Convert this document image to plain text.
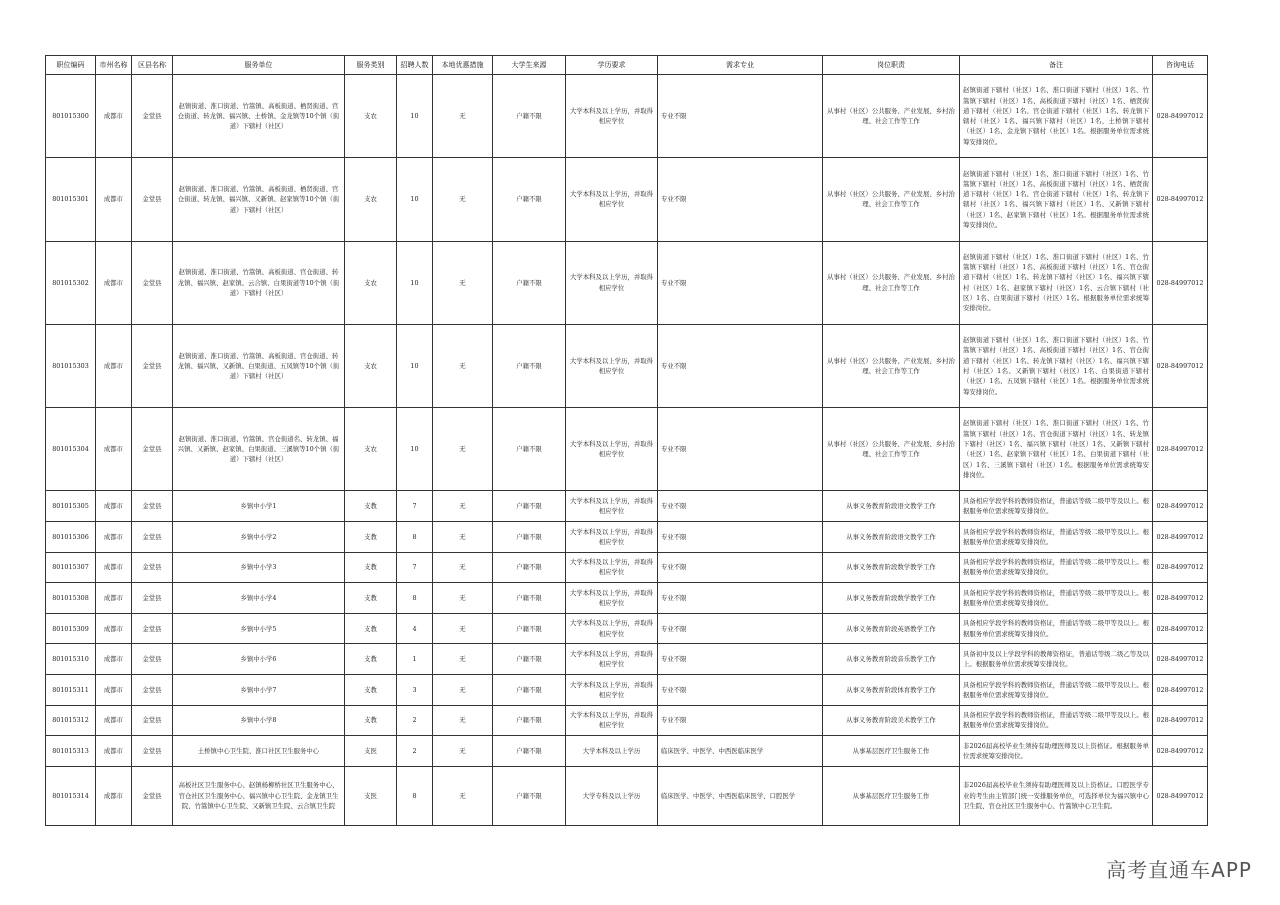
职位编码	市州名称	区县名称	服务单位	服务类别	招聘人数	本地优惠措施	大学生来源	学历要求	需求专业	岗位职责	备注	咨询电话
801015300	成都市	金堂县	赵镇街道、淮口街道、竹篙镇、高板街道、栖贤街道、官仓街道、转龙镇、福兴镇、土桥镇、金龙镇等10个镇（街道）下辖村（社区）	支农	10	无	户籍不限	大学本科及以上学历，并取得相应学位	专业不限	从事村（社区）公共服务、产业发展、乡村治理、社会工作等工作	赵镇街道下辖村（社区）1名、淮口街道下辖村（社区）1名、竹篙镇下辖村（社区）1名、高板街道下辖村（社区）1名、栖贤街道下辖村（社区）1名、官仓街道下辖村（社区）1名、转龙镇下辖村（社区）1名、福兴镇下辖村（社区）1名、土桥镇下辖村（社区）1名、金龙镇下辖村（社区）1名。根据服务单位需求统筹安排岗位。	028-84997012
801015301	成都市	金堂县	赵镇街道、淮口街道、竹篙镇、高板街道、栖贤街道、官仓街道、转龙镇、福兴镇、又新镇、赵家镇等10个镇（街道）下辖村（社区）	支农	10	无	户籍不限	大学本科及以上学历，并取得相应学位	专业不限	从事村（社区）公共服务、产业发展、乡村治理、社会工作等工作	赵镇街道下辖村（社区）1名、淮口街道下辖村（社区）1名、竹篙镇下辖村（社区）1名、高板街道下辖村（社区）1名、栖贤街道下辖村（社区）1名、官仓街道下辖村（社区）1名、转龙镇下辖村（社区）1名、福兴镇下辖村（社区）1名、又新镇下辖村（社区）1名、赵家镇下辖村（社区）1名。根据服务单位需求统筹安排岗位。	028-84997012
801015302	成都市	金堂县	赵镇街道、淮口街道、竹篙镇、高板街道、官仓街道、转龙镇、福兴镇、赵家镇、云合镇、白果街道等10个镇（街道）下辖村（社区）	支农	10	无	户籍不限	大学本科及以上学历，并取得相应学位	专业不限	从事村（社区）公共服务、产业发展、乡村治理、社会工作等工作	赵镇街道下辖村（社区）1名、淮口街道下辖村（社区）1名、竹篙镇下辖村（社区）1名、高板街道下辖村（社区）1名、官仓街道下辖村（社区）1名、转龙镇下辖村（社区）1名、福兴镇下辖村（社区）1名、赵家镇下辖村（社区）1名、云合镇下辖村（社区）1名、白果街道下辖村（社区）1名。根据服务单位需求统筹安排岗位。	028-84997012
801015303	成都市	金堂县	赵镇街道、淮口街道、竹篙镇、高板街道、官仓街道、转龙镇、福兴镇、又新镇、白果街道、五凤镇等10个镇（街道）下辖村（社区）	支农	10	无	户籍不限	大学本科及以上学历，并取得相应学位	专业不限	从事村（社区）公共服务、产业发展、乡村治理、社会工作等工作	赵镇街道下辖村（社区）1名、淮口街道下辖村（社区）1名、竹篙镇下辖村（社区）1名、高板街道下辖村（社区）1名、官仓街道下辖村（社区）1名、转龙镇下辖村（社区）1名、福兴镇下辖村（社区）1名、又新镇下辖村（社区）1名、白果街道下辖村（社区）1名、五凤镇下辖村（社区）1名。根据服务单位需求统筹安排岗位。	028-84997012
801015304	成都市	金堂县	赵镇街道、淮口街道、竹篙镇、官仓街道名、转龙镇、福兴镇、又新镇、赵家镇、白果街道、三溪镇等10个镇（街道）下辖村（社区）	支农	10	无	户籍不限	大学本科及以上学历，并取得相应学位	专业不限	从事村（社区）公共服务、产业发展、乡村治理、社会工作等工作	赵镇街道下辖村（社区）1名、淮口街道下辖村（社区）1名、竹篙镇下辖村（社区）1名、官仓街道下辖村（社区）1名、转龙镇下辖村（社区）1名、福兴镇下辖村（社区）1名、又新镇下辖村（社区）1名、赵家镇下辖村（社区）1名、白果街道下辖村（社区）1名、三溪镇下辖村（社区）1名。根据服务单位需求统筹安排岗位。	028-84997012
801015305	成都市	金堂县	乡镇中小学1	支教	7	无	户籍不限	大学本科及以上学历，并取得相应学位	专业不限	从事义务教育阶段语文教学工作	具备相应学段学科的教师资格证，普通话等级二级甲等及以上。根据服务单位需求统筹安排岗位。	028-84997012
801015306	成都市	金堂县	乡镇中小学2	支教	8	无	户籍不限	大学本科及以上学历，并取得相应学位	专业不限	从事义务教育阶段语文教学工作	具备相应学段学科的教师资格证，普通话等级二级甲等及以上。根据服务单位需求统筹安排岗位。	028-84997012
801015307	成都市	金堂县	乡镇中小学3	支教	7	无	户籍不限	大学本科及以上学历，并取得相应学位	专业不限	从事义务教育阶段数学教学工作	具备相应学段学科的教师资格证，普通话等级二级甲等及以上。根据服务单位需求统筹安排岗位。	028-84997012
801015308	成都市	金堂县	乡镇中小学4	支教	8	无	户籍不限	大学本科及以上学历，并取得相应学位	专业不限	从事义务教育阶段数学教学工作	具备相应学段学科的教师资格证，普通话等级二级甲等及以上。根据服务单位需求统筹安排岗位。	028-84997012
801015309	成都市	金堂县	乡镇中小学5	支教	4	无	户籍不限	大学本科及以上学历，并取得相应学位	专业不限	从事义务教育阶段英语教学工作	具备相应学段学科的教师资格证，普通话等级二级甲等及以上。根据服务单位需求统筹安排岗位。	028-84997012
801015310	成都市	金堂县	乡镇中小学6	支教	1	无	户籍不限	大学本科及以上学历，并取得相应学位	专业不限	从事义务教育阶段音乐教学工作	具备初中及以上学段学科的教师资格证，普通话等级二级乙等及以上。根据服务单位需求统筹安排岗位。	028-84997012
801015311	成都市	金堂县	乡镇中小学7	支教	3	无	户籍不限	大学本科及以上学历，并取得相应学位	专业不限	从事义务教育阶段体育教学工作	具备相应学段学科的教师资格证，普通话等级二级甲等及以上。根据服务单位需求统筹安排岗位。	028-84997012
801015312	成都市	金堂县	乡镇中小学8	支教	2	无	户籍不限	大学本科及以上学历，并取得相应学位	专业不限	从事义务教育阶段美术教学工作	具备相应学段学科的教师资格证，普通话等级二级甲等及以上。根据服务单位需求统筹安排岗位。	028-84997012
801015313	成都市	金堂县	土桥镇中心卫生院、淮口社区卫生服务中心	支医	2	无	户籍不限	大学本科及以上学历	临床医学、中医学、中西医临床医学	从事基层医疗卫生服务工作	非2026届高校毕业生须持有助理医师及以上资格证。根据服务单位需求统筹安排岗位。	028-84997012
801015314	成都市	金堂县	高板社区卫生服务中心、赵镇杨柳桥社区卫生服务中心、官仓社区卫生服务中心、福兴镇中心卫生院、金龙镇卫生院、竹篙镇中心卫生院、又新镇卫生院、云合镇卫生院	支医	8	无	户籍不限	大学专科及以上学历	临床医学、中医学、中西医临床医学、口腔医学	从事基层医疗卫生服务工作	非2026届高校毕业生须持有助理医师及以上资格证。口腔医学专业的考生由主管部门统一安排服务单位，可选择单位为福兴镇中心卫生院、官仓社区卫生服务中心、竹篙镇中心卫生院。	028-84997012
高考直通车APP
